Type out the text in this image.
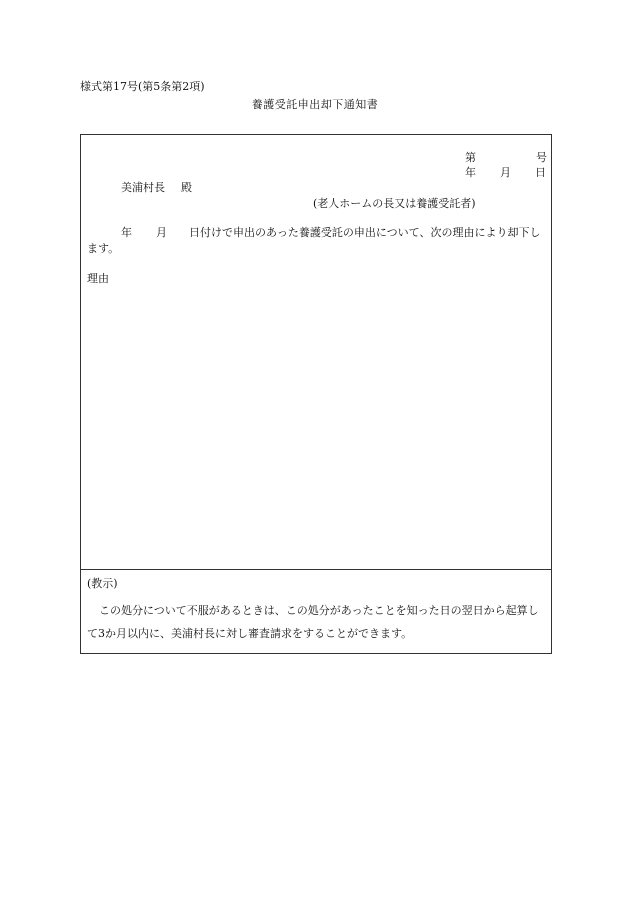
様式第17号(第5条第2項)
養護受託申出却下通知書
第	号
年 月 日
美浦村長 殿
(老人ホームの長又は養護受託者)
年 月 日付けで申出のあった養護受託の申出について、次の理由により却下します。
理由
(教示)
この処分について不服があるときは、この処分があったことを知った日の翌日から起算して3か月以内に、美浦村長に対し審査請求をすることができます。
